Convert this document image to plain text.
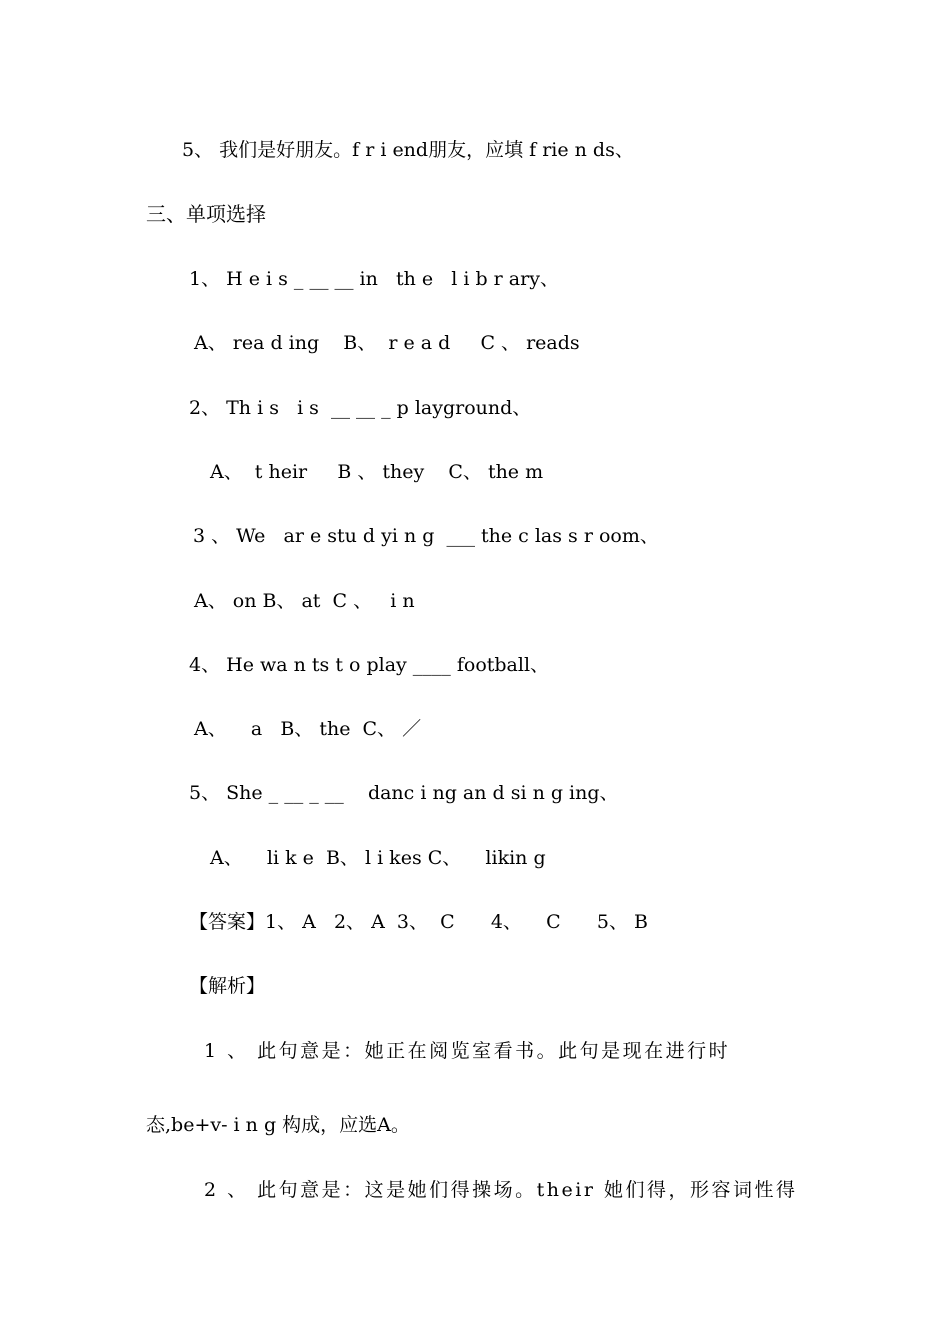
5、 我们是好朋友。f r i end朋友，应填 f rie n ds、
三、单项选择
1、 H e i s _ __ __ in   th e   l i b r ary、
A、 rea d ing    B、  r e a d     C 、 reads
2、 Th i s   i s  __ __ _ p layground、
A、  t heir     B 、 they    C、 the m
3 、 We   ar e stu d yi n g  ___ the c las s r oom、
A、 on B、 at  C 、   i n
4、 He wa n ts t o play ____ football、
A、    a   B、 the  C、 ／
5、 She _ __ _ __    danc i ng an d si n g ing、
A、    li k e  B、 l i kes C、    likin g
【答案】1、 A   2、 A  3、  C      4、    C      5、 B
【解析】
1 、 此句意是：她正在阅览室看书。此句是现在进行时
态,be+v- i n g 构成，应选A。
2 、 此句意是：这是她们得操场。their 她们得，形容词性得
